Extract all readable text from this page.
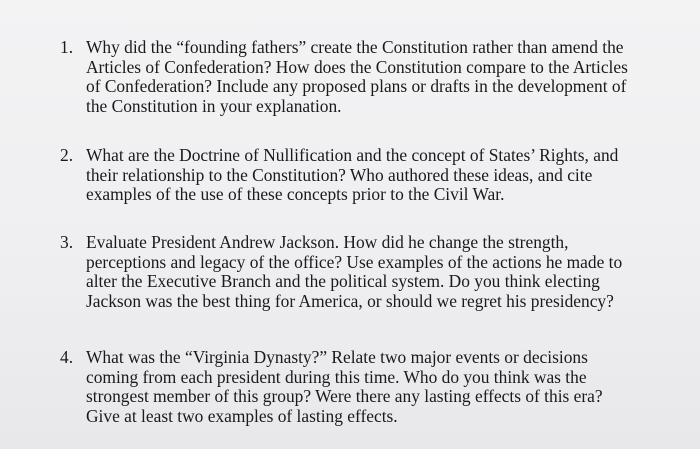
1. Why did the “founding fathers” create the Constitution rather than amend the Articles of Confederation? How does the Constitution compare to the Articles of Confederation? Include any proposed plans or drafts in the development of the Constitution in your explanation.
2. What are the Doctrine of Nullification and the concept of States’ Rights, and their relationship to the Constitution? Who authored these ideas, and cite examples of the use of these concepts prior to the Civil War.
3. Evaluate President Andrew Jackson. How did he change the strength, perceptions and legacy of the office? Use examples of the actions he made to alter the Executive Branch and the political system. Do you think electing Jackson was the best thing for America, or should we regret his presidency?
4. What was the “Virginia Dynasty?” Relate two major events or decisions coming from each president during this time. Who do you think was the strongest member of this group? Were there any lasting effects of this era? Give at least two examples of lasting effects.
